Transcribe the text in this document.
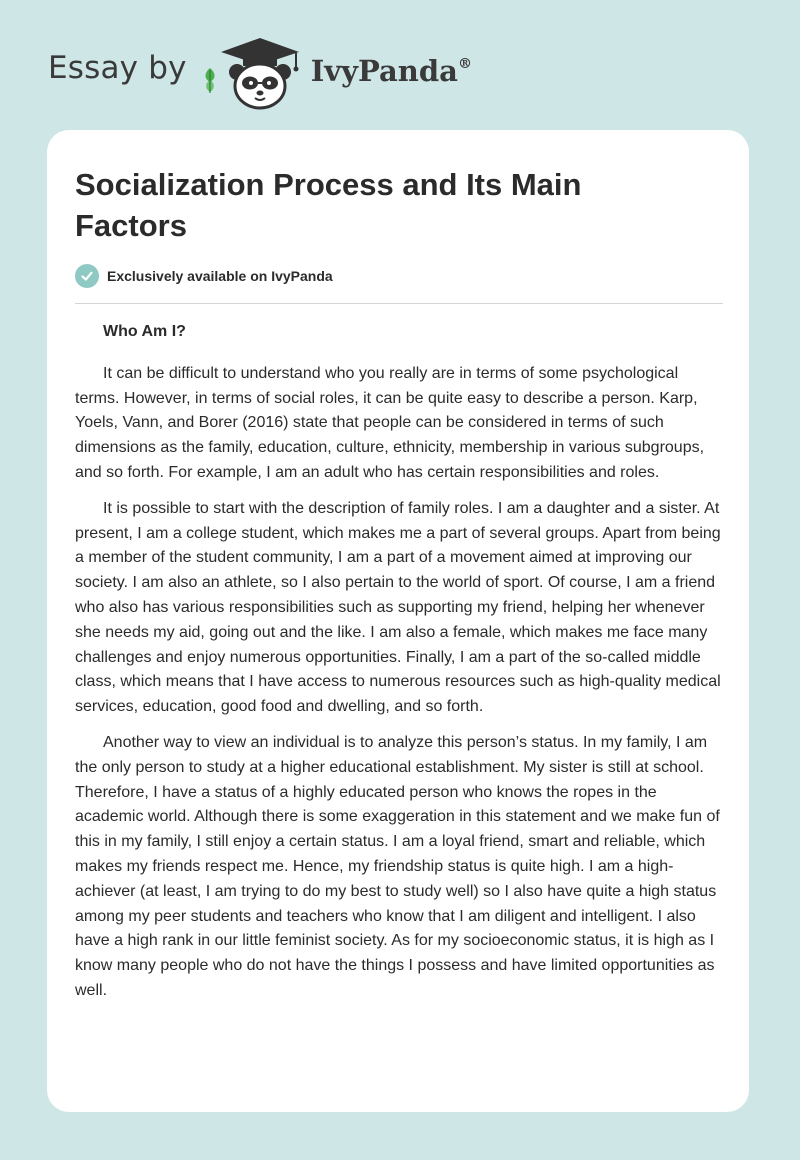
Essay by	IvyPanda®
Socialization Process and Its Main Factors
Exclusively available on IvyPanda
Who Am I?

It can be difficult to understand who you really are in terms of some psychological terms. However, in terms of social roles, it can be quite easy to describe a person. Karp, Yoels, Vann, and Borer (2016) state that people can be considered in terms of such dimensions as the family, education, culture, ethnicity, membership in various subgroups, and so forth. For example, I am an adult who has certain responsibilities and roles.

It is possible to start with the description of family roles. I am a daughter and a sister. At present, I am a college student, which makes me a part of several groups. Apart from being a member of the student community, I am a part of a movement aimed at improving our society. I am also an athlete, so I also pertain to the world of sport. Of course, I am a friend who also has various responsibilities such as supporting my friend, helping her whenever she needs my aid, going out and the like. I am also a female, which makes me face many challenges and enjoy numerous opportunities. Finally, I am a part of the so-called middle class, which means that I have access to numerous resources such as high-quality medical services, education, good food and dwelling, and so forth.

Another way to view an individual is to analyze this person’s status. In my family, I am the only person to study at a higher educational establishment. My sister is still at school. Therefore, I have a status of a highly educated person who knows the ropes in the academic world. Although there is some exaggeration in this statement and we make fun of this in my family, I still enjoy a certain status. I am a loyal friend, smart and reliable, which makes my friends respect me. Hence, my friendship status is quite high. I am a high-achiever (at least, I am trying to do my best to study well) so I also have quite a high status among my peer students and teachers who know that I am diligent and intelligent. I also have a high rank in our little feminist society. As for my socioeconomic status, it is high as I know many people who do not have the things I possess and have limited opportunities as well.
